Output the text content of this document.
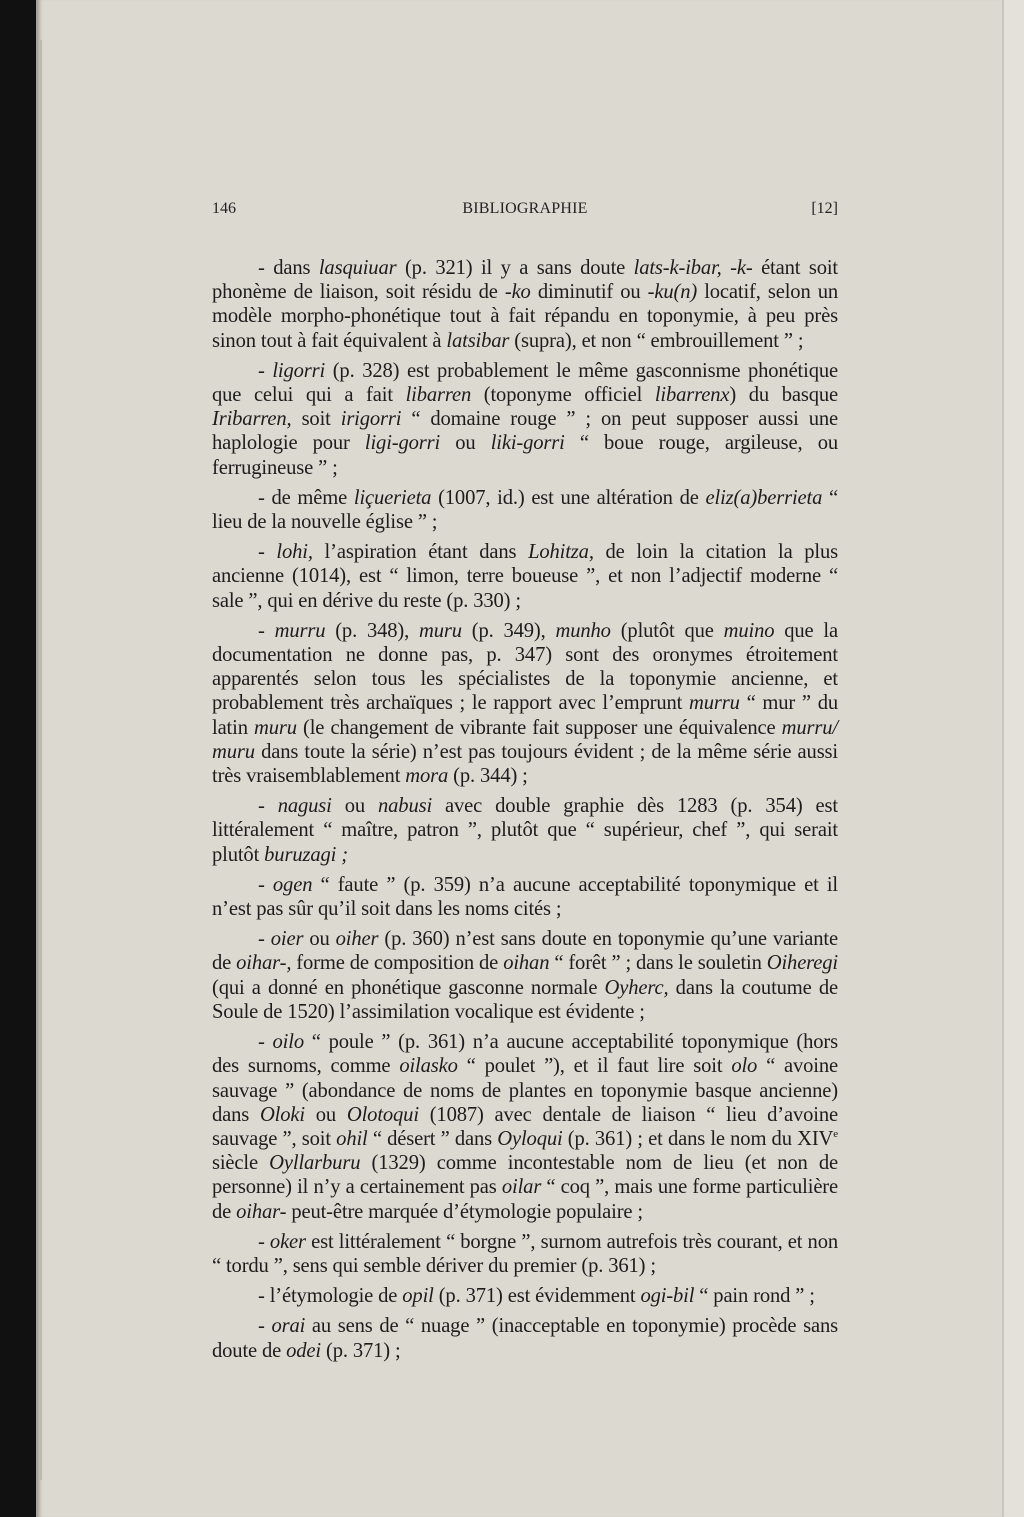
BIBLIOGRAPHIE
146	[12]

- dans lasquiuar (p. 321) il y a sans doute lats-k-ibar, -k- étant soit phonème de liaison, soit résidu de -ko diminutif ou -ku(n) locatif, selon un modèle morpho-phonétique tout à fait répandu en toponymie, à peu près sinon tout à fait équivalent à latsibar (supra), et non “ embrouillement ” ;

- ligorri (p. 328) est probablement le même gasconnisme phonétique que celui qui a fait libarren (toponyme officiel libarrenx) du basque Iribarren, soit irigorri “ domaine rouge ” ; on peut supposer aussi une haplologie pour ligi-gorri ou liki-gorri “ boue rouge, argileuse, ou ferrugineuse ” ;

- de même liçuerieta (1007, id.) est une altération de eliz(a)berrieta “ lieu de la nouvelle église ” ;

- lohi, l’aspiration étant dans Lohitza, de loin la citation la plus ancienne (1014), est “ limon, terre boueuse ”, et non l’adjectif moderne “ sale ”, qui en dérive du reste (p. 330) ;

- murru (p. 348), muru (p. 349), munho (plutôt que muino que la documentation ne donne pas, p. 347) sont des oronymes étroitement apparentés selon tous les spécialistes de la toponymie ancienne, et probablement très archaïques ; le rapport avec l’emprunt murru “ mur ” du latin muru (le changement de vibrante fait supposer une équivalence murru/ muru dans toute la série) n’est pas toujours évident ; de la même série aussi très vraisemblablement mora (p. 344) ;

- nagusi ou nabusi avec double graphie dès 1283 (p. 354) est littéralement “ maître, patron ”, plutôt que “ supérieur, chef ”, qui serait plutôt buruzagi ;

- ogen “ faute ” (p. 359) n’a aucune acceptabilité toponymique et il n’est pas sûr qu’il soit dans les noms cités ;

- oier ou oiher (p. 360) n’est sans doute en toponymie qu’une variante de oihar-, forme de composition de oihan “ forêt ” ; dans le souletin Oiheregi (qui a donné en phonétique gasconne normale Oyherc, dans la coutume de Soule de 1520) l’assimilation vocalique est évidente ;

- oilo “ poule ” (p. 361) n’a aucune acceptabilité toponymique (hors des surnoms, comme oilasko “ poulet ”), et il faut lire soit olo “ avoine sauvage ” (abondance de noms de plantes en toponymie basque ancienne) dans Oloki ou Olotoqui (1087) avec dentale de liaison “ lieu d’avoine sauvage ”, soit ohil “ désert ” dans Oyloqui (p. 361) ; et dans le nom du XIVe siècle Oyllarburu (1329) comme incontestable nom de lieu (et non de personne) il n’y a certainement pas oilar “ coq ”, mais une forme particulière de oihar- peut-être marquée d’étymologie populaire ;

- oker est littéralement “ borgne ”, surnom autrefois très courant, et non “ tordu ”, sens qui semble dériver du premier (p. 361) ;

- l’étymologie de opil (p. 371) est évidemment ogi-bil “ pain rond ” ;

- orai au sens de “ nuage ” (inacceptable en toponymie) procède sans doute de odei (p. 371) ;
